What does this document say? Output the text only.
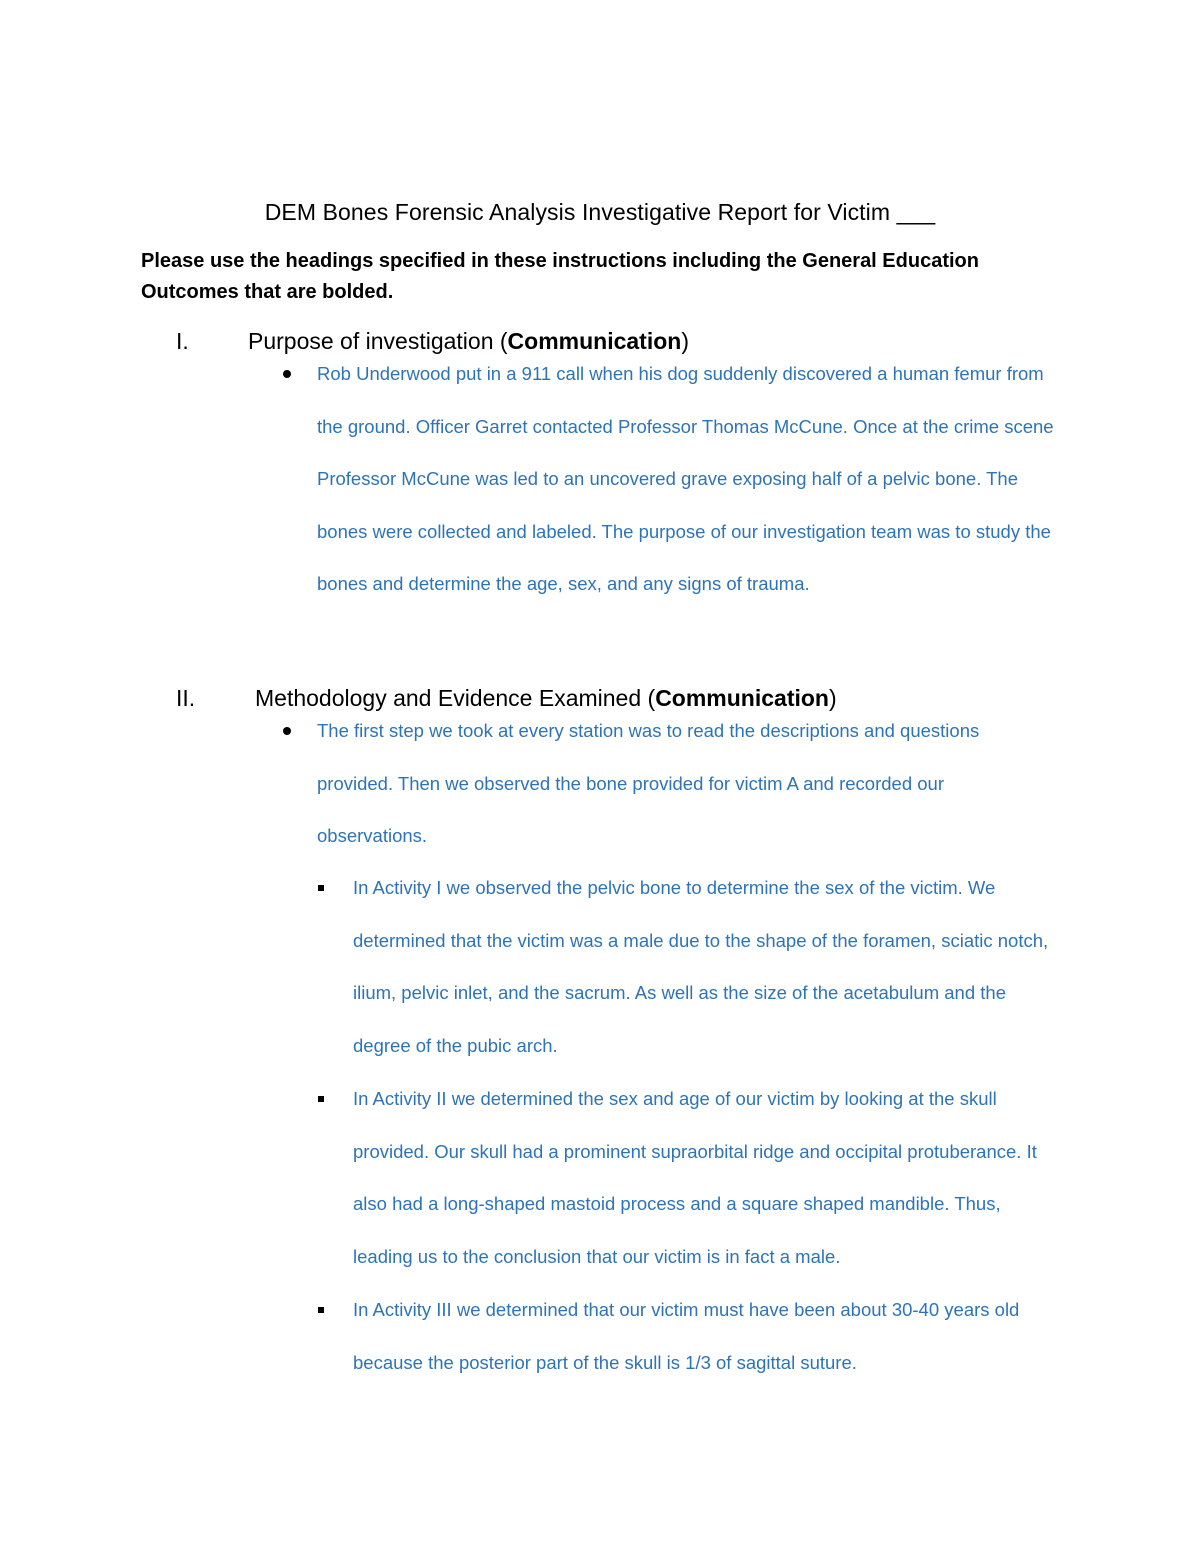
DEM Bones Forensic Analysis Investigative Report for Victim ___
Please use the headings specified in these instructions including the General Education Outcomes that are bolded.
I.	Purpose of investigation (Communication)
Rob Underwood put in a 911 call when his dog suddenly discovered a human femur from the ground. Officer Garret contacted Professor Thomas McCune. Once at the crime scene Professor McCune was led to an uncovered grave exposing half of a pelvic bone. The bones were collected and labeled. The purpose of our investigation team was to study the bones and determine the age, sex, and any signs of trauma.
II.	Methodology and Evidence Examined (Communication)
The first step we took at every station was to read the descriptions and questions provided. Then we observed the bone provided for victim A and recorded our observations.
In Activity I we observed the pelvic bone to determine the sex of the victim. We determined that the victim was a male due to the shape of the foramen, sciatic notch, ilium, pelvic inlet, and the sacrum. As well as the size of the acetabulum and the degree of the pubic arch.
In Activity II we determined the sex and age of our victim by looking at the skull provided. Our skull had a prominent supraorbital ridge and occipital protuberance. It also had a long-shaped mastoid process and a square shaped mandible. Thus, leading us to the conclusion that our victim is in fact a male.
In Activity III we determined that our victim must have been about 30-40 years old because the posterior part of the skull is 1/3 of sagittal suture.
